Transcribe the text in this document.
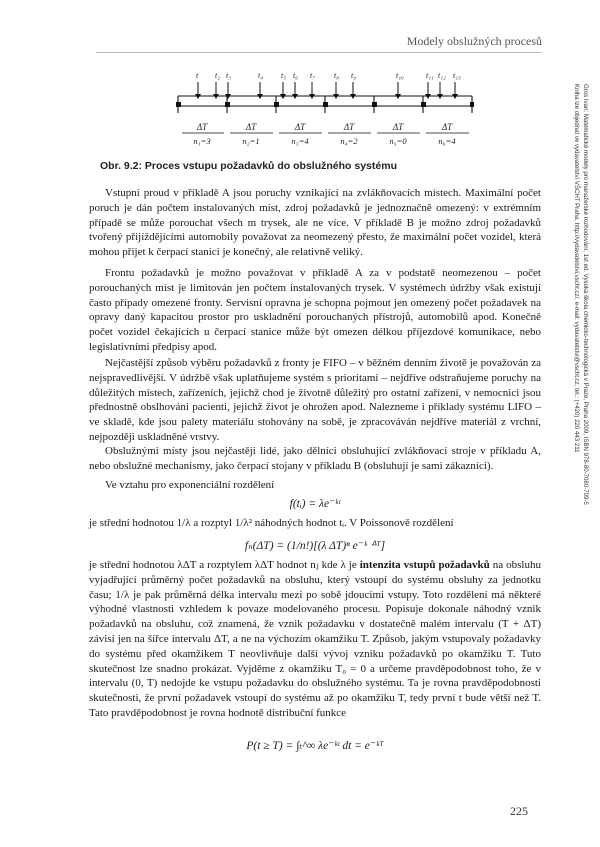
Modely obslužných procesů
t t₂ t₃	t₄ t₅ t₆ t₇ t₈ t₉	t₁₀	t₁₁ t₁₂ t₁₃
ΔT	ΔT	ΔT	ΔT	ΔT	ΔT
n₁=3	n₂=1	n₃=4	n₄=2	n₅=0	n₆=4
Obr. 9.2: Proces vstupu požadavků do obslužného systému

Vstupní proud v příkladě A jsou poruchy vznikající na zvlákňovacích místech. Maximální počet poruch je dán počtem instalovaných míst, zdroj požadavků je jednoznačně omezený: v extrémním případě se může porouchat všech m trysek, ale ne více. V příkladě B je možno zdroj požadavků tvořený přijíždějícími automobily považovat za neomezený přesto, že maximální počet vozidel, která mohou přijet k čerpací stanici je konečný, ale relativně veliký.

Frontu požadavků je možno považovat v příkladě A za v podstatě neomezenou – počet porouchaných míst je limitován jen počtem instalovaných trysek. V systémech údržby však existují často případy omezené fronty. Servisní opravna je schopna pojmout jen omezený počet požadavek na opravy daný kapacitou prostor pro uskladnění porouchaných přístrojů, automobilů apod. Konečně počet vozidel čekajících u čerpací stanice může být omezen délkou příjezdové komunikace, nebo legislativními předpisy apod.

Nejčastější způsob výběru požadavků z fronty je FIFO – v běžném denním životě je považován za nejspravedlivější. V údržbě však uplatňujeme systém s prioritami – nejdříve odstraňujeme poruchy na důležitých místech, zařízeních, jejichž chod je životně důležitý pro ostatní zařízení, v nemocnici jsou přednostně obslhováni pacienti, jejichž život je ohrožen apod. Nalezneme i příklady systému LIFO – ve skladě, kde jsou palety materiálu stohovány na sobě, je zpracováván nejdříve materiál z vrchní, nejpozději uskladněné vrstvy.

Obslužnými místy jsou nejčastěji lidé, jako dělníci obsluhující zvlákňovací stroje v příkladu A, nebo obslužné mechanismy, jako čerpací stojany v příkladu B (obsluhují je sami zákazníci).

Ve vztahu pro exponenciální rozdělení

f(tᵢ) = λe⁻ᵏᵗ

je střední hodnotou 1/λ a rozptyl 1/λ² náhodných hodnot tᵢ. V Poissonově rozdělení

fₙ(ΔT) = (1/n!)[(λ ΔT)ⁿ e⁻ᵏ ᐞᵀ]

je střední hodnotou λΔT a rozptylem λΔT hodnot nⱼ kde λ je intenzita vstupů požadavků na obsluhu vyjadřující průměrný počet požadavků na obsluhu, který vstoupí do systému obsluhy za jednotku času; 1/λ je pak průměrná délka intervalu mezi po sobě jdoucími vstupy. Toto rozdělení má některé výhodné vlastnosti vzhledem k povaze modelovaného procesu. Popisuje dokonale náhodný vznik požadavků na obsluhu, což znamená, že vznik požadavku v dostatečně malém intervalu (T + ΔT) závisí jen na šířce intervalu ΔT, a ne na výchozím okamžiku T. Způsob, jakým vstupovaly požadavky do systému před okamžikem T neovlivňuje další vývoj vzniku požadavků po okamžiku T. Tuto skutečnost lze snadno prokázat. Vyjděme z okamžiku T₀ = 0 a určeme pravděpodobnost toho, že v intervalu (0, T) nedojde ke vstupu požadavku do obslužného systému. Ta je rovna pravděpodobnosti skutečnosti, že první požadavek vstoupí do systému až po okamžiku T, tedy první t bude větší než T. Tato pravděpodobnost je rovna hodnotě distribuční funkce

P(t ≥ T) = ∫ₜ^∞ λe⁻ᵏᵗ dt = e⁻ᵏᵀ
Gros Ivan: Matematické modely pro manažerské rozhodování, 1st ed. Vysoká škola chemicko-technologická v Praze, Praha 2009, ISBN 978-80-7080-709-5
Kniha lze objednat ve vydavatelství VŠCHT Praha, http://vydavatelstvi.vscht.cz/, e-mail: vydavatelstvi@vscht.cz, tel.: (+420) 220 443 211
225
